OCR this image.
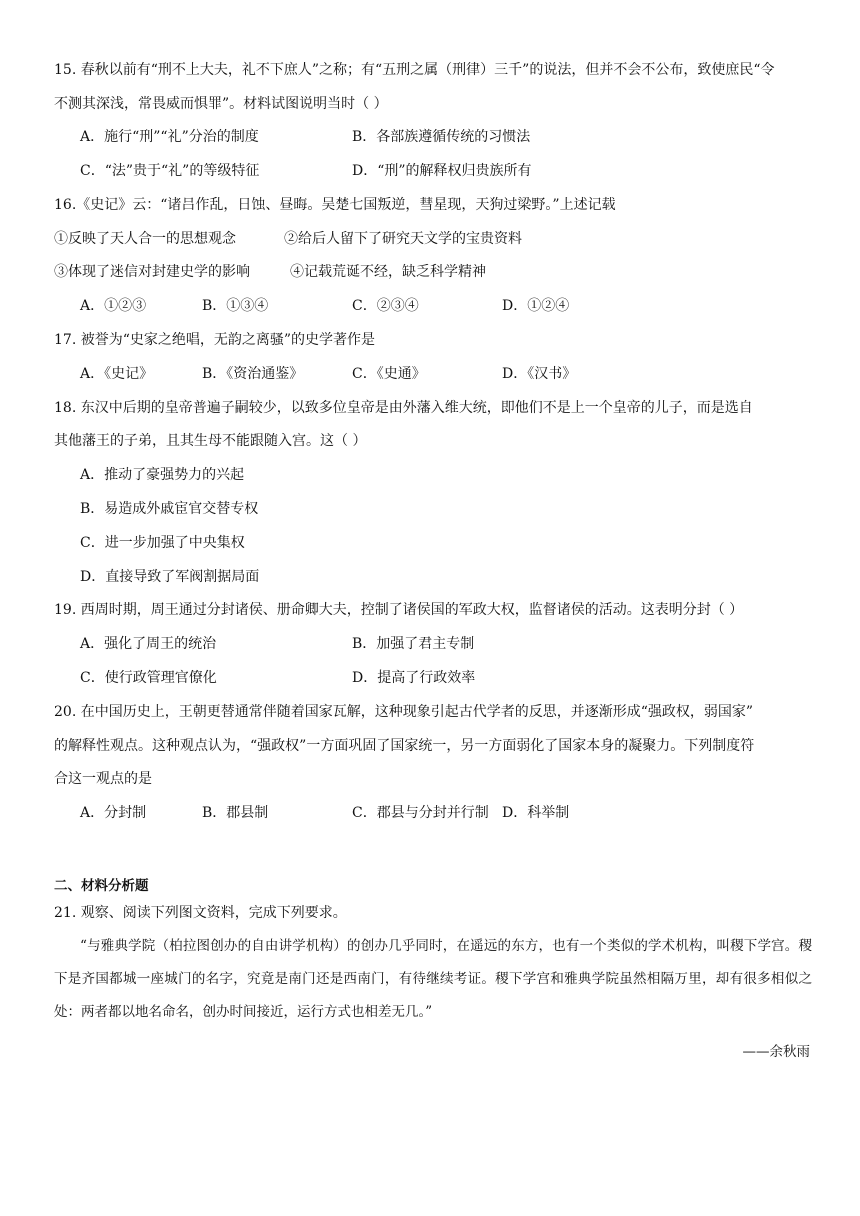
15. 春秋以前有“刑不上大夫，礼不下庶人”之称；有“五刑之属（刑律）三千”的说法，但并不会不公布，致使庶民“令
不测其深浅，常畏威而惧罪”。材料试图说明当时（ ）
A．施行“刑”“礼”分治的制度	B．各部族遵循传统的习惯法
C．“法”贵于“礼”的等级特征	D．“刑”的解释权归贵族所有
16.《史记》云：“诸吕作乱，日蚀、昼晦。吴楚七国叛逆，彗星现，天狗过梁野。”上述记载
①反映了天人合一的思想观念	②给后人留下了研究天文学的宝贵资料
③体现了迷信对封建史学的影响	④记载荒诞不经，缺乏科学精神
A．①②③	B．①③④	C．②③④	D．①②④
17. 被誉为“史家之绝唱，无韵之离骚”的史学著作是
A．《史记》	B．《资治通鉴》	C．《史通》	D．《汉书》
18. 东汉中后期的皇帝普遍子嗣较少，以致多位皇帝是由外藩入维大统，即他们不是上一个皇帝的儿子，而是选自
其他藩王的子弟，且其生母不能跟随入宫。这（ ）
A．推动了豪强势力的兴起
B．易造成外戚宦官交替专权
C．进一步加强了中央集权
D．直接导致了军阀割据局面
19. 西周时期，周王通过分封诸侯、册命卿大夫，控制了诸侯国的军政大权，监督诸侯的活动。这表明分封（ ）
A．强化了周王的统治	B．加强了君主专制
C．使行政管理官僚化	D．提高了行政效率
20. 在中国历史上，王朝更替通常伴随着国家瓦解，这种现象引起古代学者的反思，并逐渐形成“强政权，弱国家”
的解释性观点。这种观点认为，“强政权”一方面巩固了国家统一，另一方面弱化了国家本身的凝聚力。下列制度符
合这一观点的是
A．分封制	B．郡县制	C．郡县与分封并行制 D．科举制
二、材料分析题
21. 观察、阅读下列图文资料，完成下列要求。

“与雅典学院（柏拉图创办的自由讲学机构）的创办几乎同时，在遥远的东方，也有一个类似的学术机构，叫稷下学宫。稷下是齐国都城一座城门的名字，究竟是南门还是西南门，有待继续考证。稷下学宫和雅典学院虽然相隔万里，却有很多相似之处：两者都以地名命名，创办时间接近，运行方式也相差无几。”

——余秋雨
